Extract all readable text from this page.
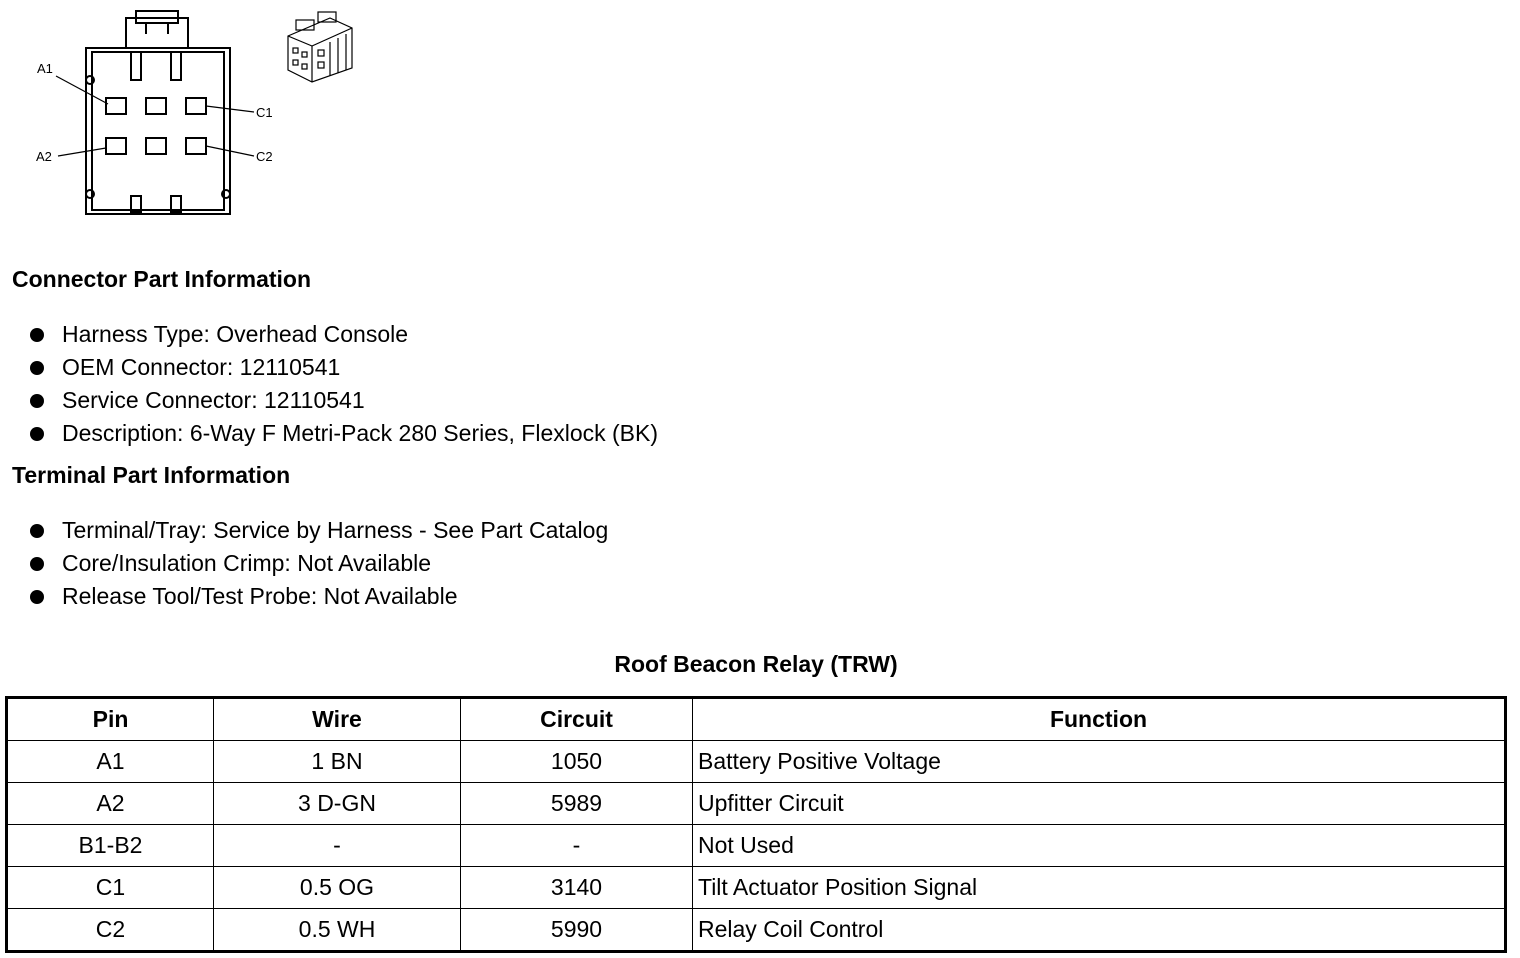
A1
A2
C1
C2
Connector Part Information
Harness Type: Overhead Console
OEM Connector: 12110541
Service Connector: 12110541
Description: 6-Way F Metri-Pack 280 Series, Flexlock (BK)
Terminal Part Information
Terminal/Tray: Service by Harness - See Part Catalog
Core/Insulation Crimp: Not Available
Release Tool/Test Probe: Not Available
Roof Beacon Relay (TRW)
Pin	Wire	Circuit	Function
A1	1 BN	1050	Battery Positive Voltage
A2	3 D-GN	5989	Upfitter Circuit
B1-B2	-	-	Not Used
C1	0.5 OG	3140	Tilt Actuator Position Signal
C2	0.5 WH	5990	Relay Coil Control
